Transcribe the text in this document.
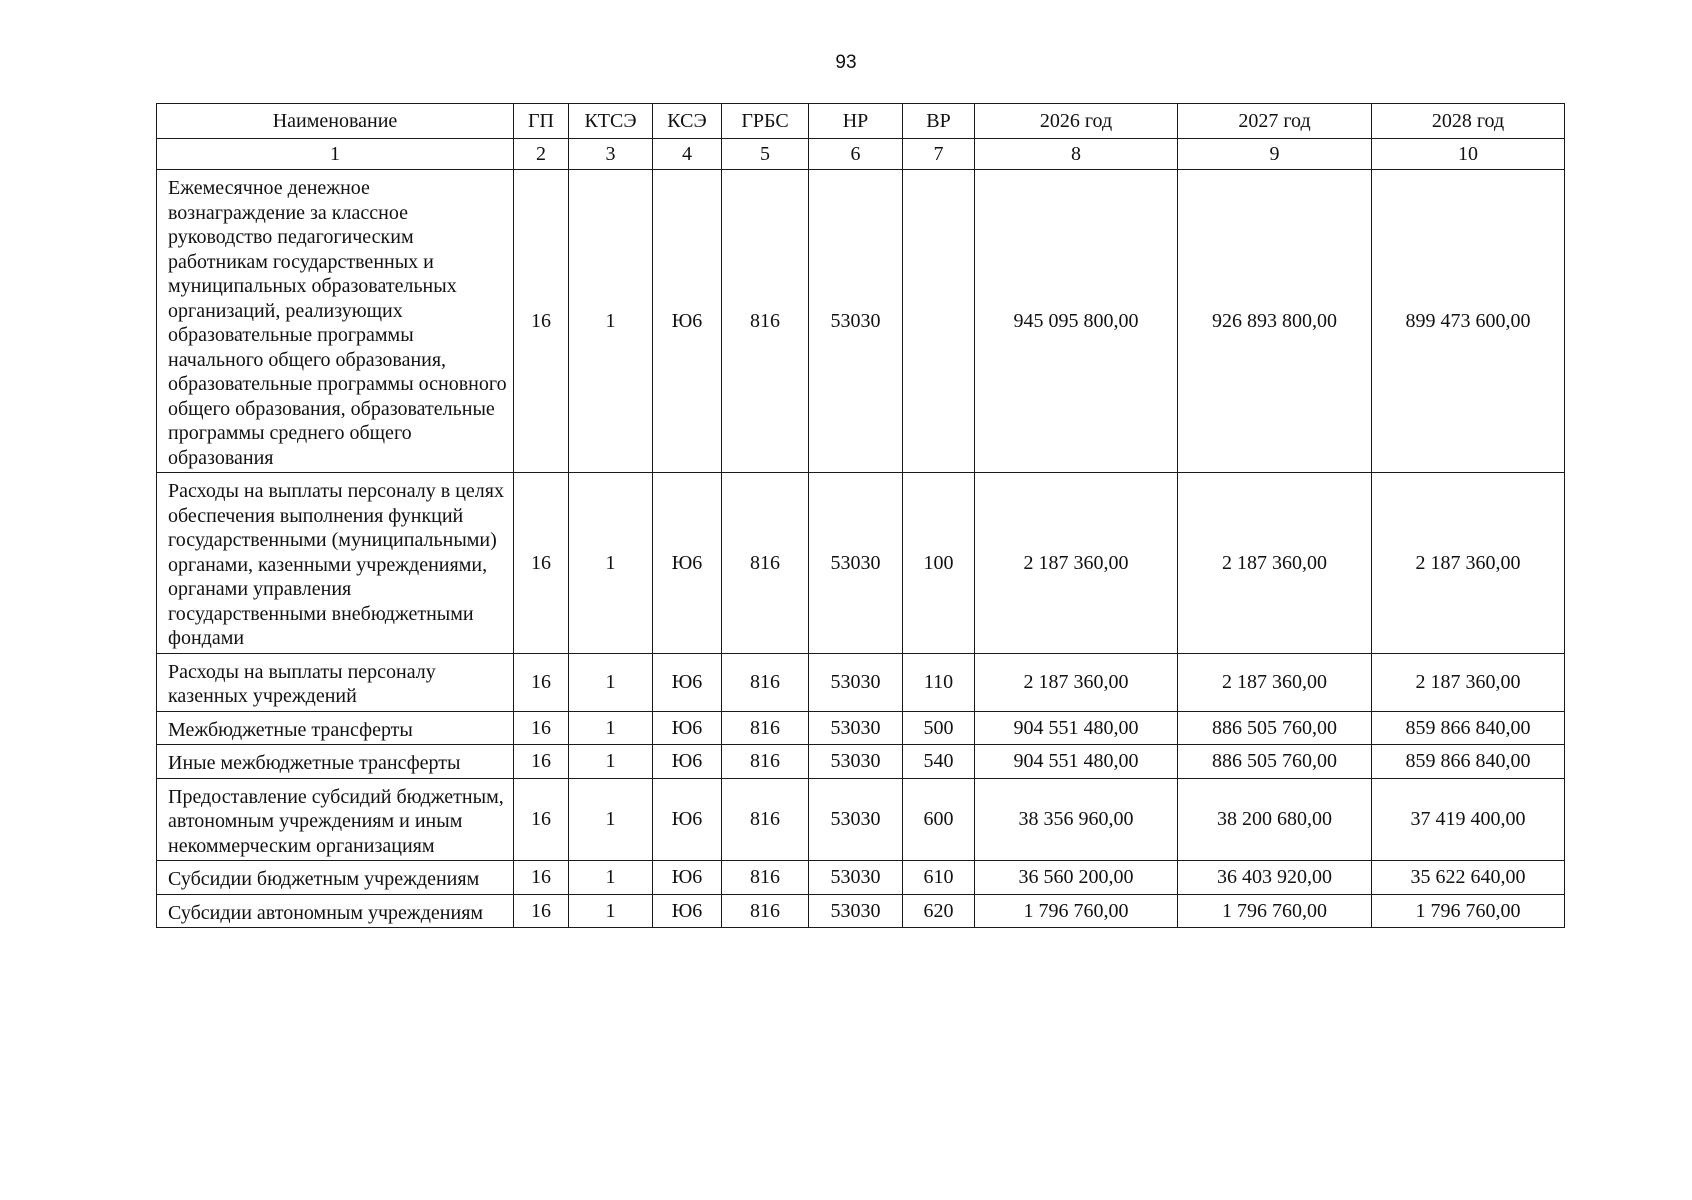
93
Наименование	ГП	КТСЭ	КСЭ	ГРБС	НР	ВР	2026 год	2027 год	2028 год
1	2	3	4	5	6	7	8	9	10
Ежемесячное денежное вознаграждение за классное руководство педагогическим работникам государственных и муниципальных образовательных организаций, реализующих образовательные программы начального общего образования, образовательные программы основного общего образования, образовательные программы среднего общего образования	16	1	Ю6	816	53030		945 095 800,00	926 893 800,00	899 473 600,00
Расходы на выплаты персоналу в целях обеспечения выполнения функций государственными (муниципальными) органами, казенными учреждениями, органами управления государственными внебюджетными фондами	16	1	Ю6	816	53030	100	2 187 360,00	2 187 360,00	2 187 360,00
Расходы на выплаты персоналу казенных учреждений	16	1	Ю6	816	53030	110	2 187 360,00	2 187 360,00	2 187 360,00
Межбюджетные трансферты	16	1	Ю6	816	53030	500	904 551 480,00	886 505 760,00	859 866 840,00
Иные межбюджетные трансферты	16	1	Ю6	816	53030	540	904 551 480,00	886 505 760,00	859 866 840,00
Предоставление субсидий бюджетным, автономным учреждениям и иным некоммерческим организациям	16	1	Ю6	816	53030	600	38 356 960,00	38 200 680,00	37 419 400,00
Субсидии бюджетным учреждениям	16	1	Ю6	816	53030	610	36 560 200,00	36 403 920,00	35 622 640,00
Субсидии автономным учреждениям	16	1	Ю6	816	53030	620	1 796 760,00	1 796 760,00	1 796 760,00
